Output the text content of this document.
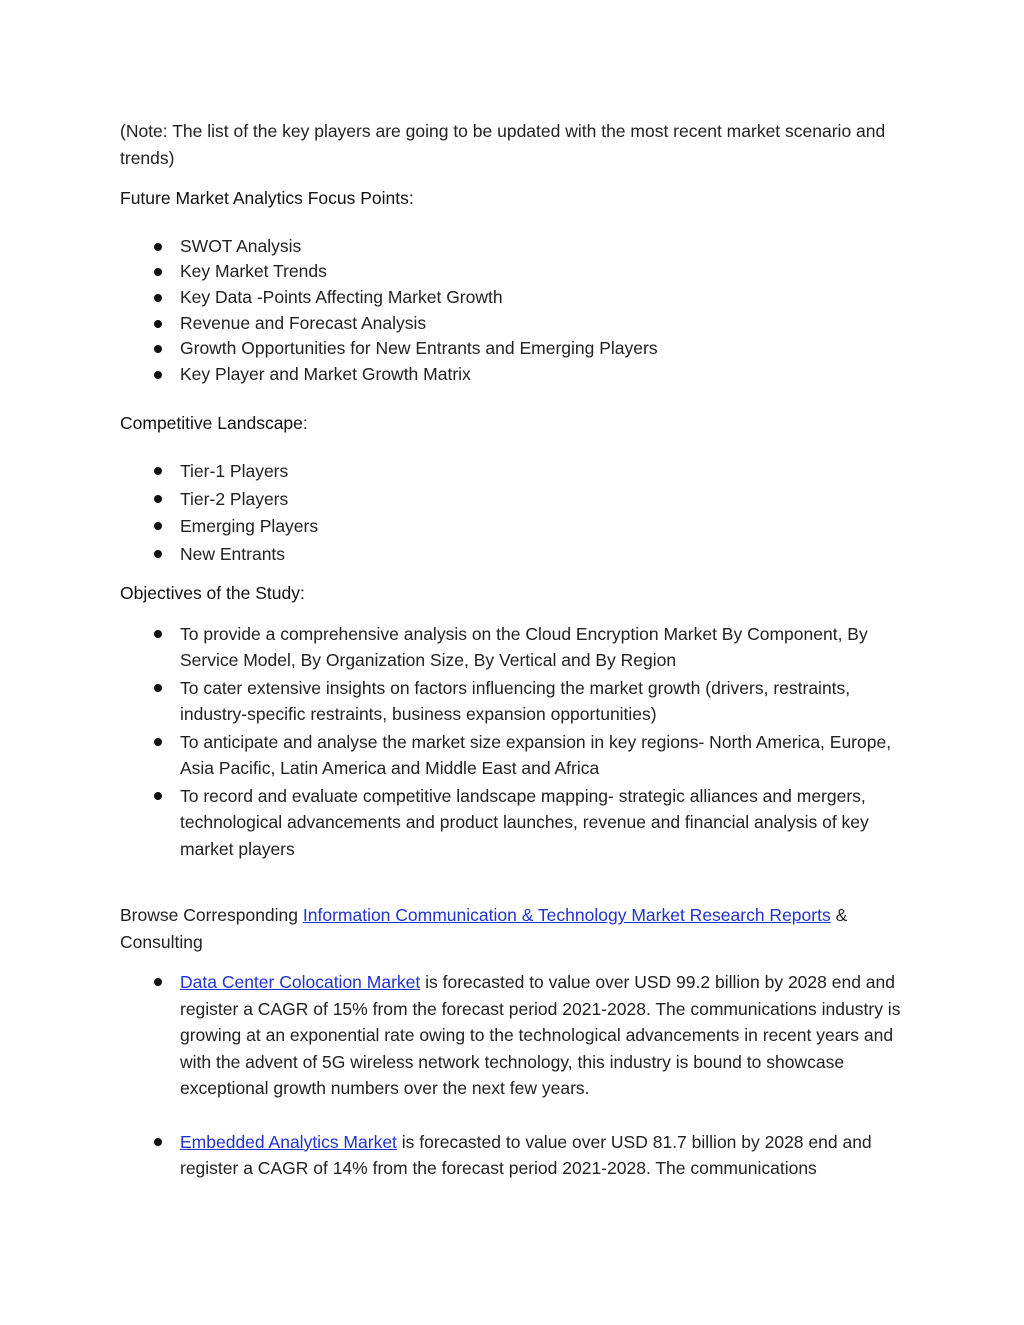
(Note: The list of the key players are going to be updated with the most recent market scenario and trends)

Future Market Analytics Focus Points:

SWOT Analysis
Key Market Trends
Key Data -Points Affecting Market Growth
Revenue and Forecast Analysis
Growth Opportunities for New Entrants and Emerging Players
Key Player and Market Growth Matrix

Competitive Landscape:

Tier-1 Players
Tier-2 Players
Emerging Players
New Entrants

Objectives of the Study:

To provide a comprehensive analysis on the Cloud Encryption Market By Component, By Service Model, By Organization Size, By Vertical and By Region
To cater extensive insights on factors influencing the market growth (drivers, restraints, industry-specific restraints, business expansion opportunities)
To anticipate and analyse the market size expansion in key regions- North America, Europe, Asia Pacific, Latin America and Middle East and Africa
To record and evaluate competitive landscape mapping- strategic alliances and mergers, technological advancements and product launches, revenue and financial analysis of key market players

Browse Corresponding Information Communication & Technology Market Research Reports & Consulting

Data Center Colocation Market is forecasted to value over USD 99.2 billion by 2028 end and register a CAGR of 15% from the forecast period 2021-2028. The communications industry is growing at an exponential rate owing to the technological advancements in recent years and with the advent of 5G wireless network technology, this industry is bound to showcase exceptional growth numbers over the next few years.
Embedded Analytics Market is forecasted to value over USD 81.7 billion by 2028 end and register a CAGR of 14% from the forecast period 2021-2028. The communications
